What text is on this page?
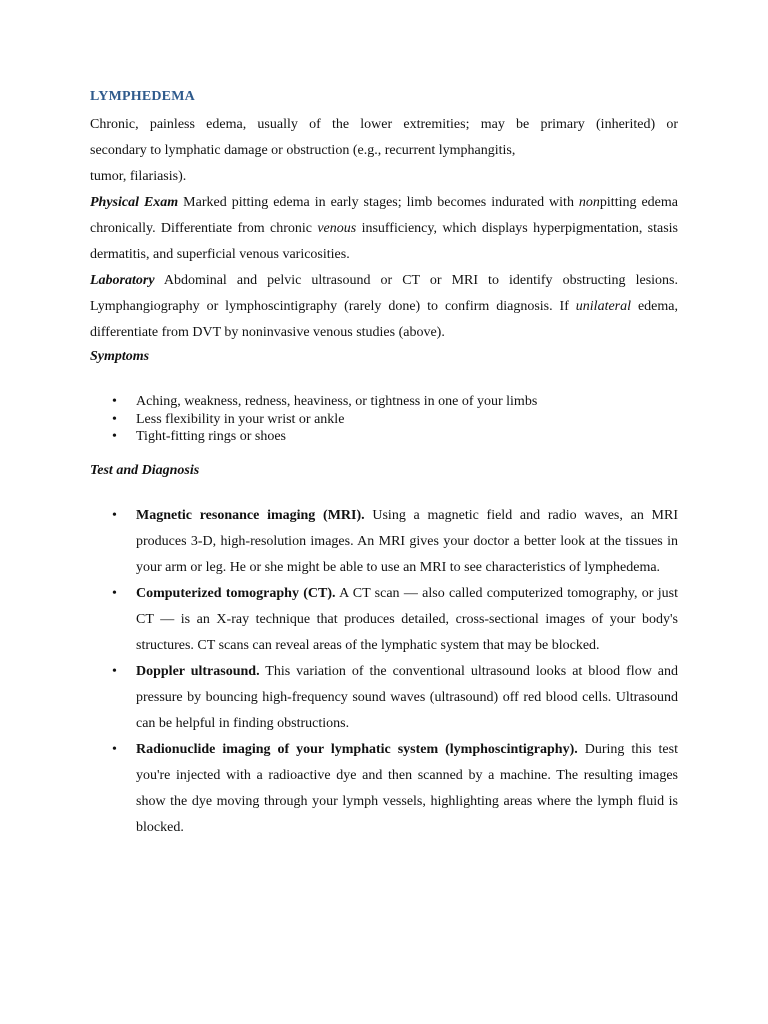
LYMPHEDEMA
Chronic, painless edema, usually of the lower extremities; may be primary (inherited) or
secondary to lymphatic damage or obstruction (e.g., recurrent lymphangitis,
tumor, filariasis).

Physical Exam Marked pitting edema in early stages; limb becomes indurated with nonpitting edema chronically. Differentiate from chronic venous insufficiency, which displays hyperpigmentation, stasis dermatitis, and superficial venous varicosities.

Laboratory Abdominal and pelvic ultrasound or CT or MRI to identify obstructing lesions. Lymphangiography or lymphoscintigraphy (rarely done) to confirm diagnosis. If unilateral edema, differentiate from DVT by noninvasive venous studies (above).

Symptoms
• Aching, weakness, redness, heaviness, or tightness in one of your limbs
• Less flexibility in your wrist or ankle
• Tight-fitting rings or shoes
Test and Diagnosis
• Magnetic resonance imaging (MRI). Using a magnetic field and radio waves, an MRI produces 3-D, high-resolution images. An MRI gives your doctor a better look at the tissues in your arm or leg. He or she might be able to use an MRI to see characteristics of lymphedema.
• Computerized tomography (CT). A CT scan — also called computerized tomography, or just CT — is an X-ray technique that produces detailed, cross-sectional images of your body's structures. CT scans can reveal areas of the lymphatic system that may be blocked.
• Doppler ultrasound. This variation of the conventional ultrasound looks at blood flow and pressure by bouncing high-frequency sound waves (ultrasound) off red blood cells. Ultrasound can be helpful in finding obstructions.
• Radionuclide imaging of your lymphatic system (lymphoscintigraphy). During this test you're injected with a radioactive dye and then scanned by a machine. The resulting images show the dye moving through your lymph vessels, highlighting areas where the lymph fluid is blocked.
